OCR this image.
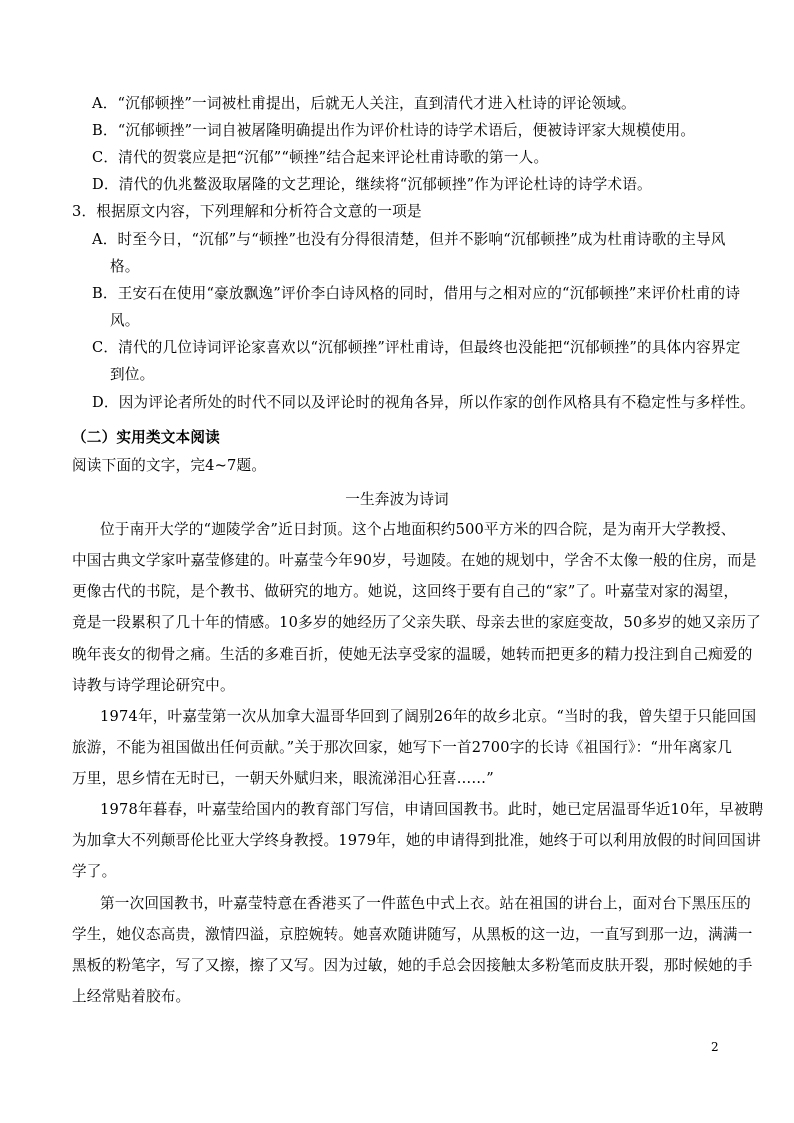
A．“沉郁顿挫”一词被杜甫提出，后就无人关注，直到清代才进入杜诗的评论领域。
B．“沉郁顿挫”一词自被屠隆明确提出作为评价杜诗的诗学术语后，便被诗评家大规模使用。
C．清代的贺裳应是把“沉郁”“顿挫”结合起来评论杜甫诗歌的第一人。
D．清代的仇兆鳌汲取屠隆的文艺理论，继续将“沉郁顿挫”作为评论杜诗的诗学术语。
3．根据原文内容，下列理解和分析符合文意的一项是
A．时至今日，“沉郁”与“顿挫”也没有分得很清楚，但并不影响“沉郁顿挫”成为杜甫诗歌的主导风
格。
B．王安石在使用“豪放飘逸”评价李白诗风格的同时，借用与之相对应的“沉郁顿挫”来评价杜甫的诗
风。
C．清代的几位诗词评论家喜欢以“沉郁顿挫”评杜甫诗，但最终也没能把“沉郁顿挫”的具体内容界定
到位。
D．因为评论者所处的时代不同以及评论时的视角各异，所以作家的创作风格具有不稳定性与多样性。
（二）实用类文本阅读
阅读下面的文字，完4~7题。
一生奔波为诗词
位于南开大学的“迦陵学舍”近日封顶。这个占地面积约500平方米的四合院，是为南开大学教授、
中国古典文学家叶嘉莹修建的。叶嘉莹今年90岁，号迦陵。在她的规划中，学舍不太像一般的住房，而是
更像古代的书院，是个教书、做研究的地方。她说，这回终于要有自己的“家”了。叶嘉莹对家的渴望，
竟是一段累积了几十年的情感。10多岁的她经历了父亲失联、母亲去世的家庭变故，50多岁的她又亲历了
晚年丧女的彻骨之痛。生活的多难百折，使她无法享受家的温暖，她转而把更多的精力投注到自己痴爱的
诗教与诗学理论研究中。
1974年，叶嘉莹第一次从加拿大温哥华回到了阔别26年的故乡北京。“当时的我，曾失望于只能回国
旅游，不能为祖国做出任何贡献。”关于那次回家，她写下一首2700字的长诗《祖国行》：“卅年离家几
万里，思乡情在无时已，一朝天外赋归来，眼流涕泪心狂喜……”
1978年暮春，叶嘉莹给国内的教育部门写信，申请回国教书。此时，她已定居温哥华近10年，早被聘
为加拿大不列颠哥伦比亚大学终身教授。1979年，她的申请得到批准，她终于可以利用放假的时间回国讲
学了。
第一次回国教书，叶嘉莹特意在香港买了一件蓝色中式上衣。站在祖国的讲台上，面对台下黑压压的
学生，她仪态高贵，激情四溢，京腔婉转。她喜欢随讲随写，从黑板的这一边，一直写到那一边，满满一
黑板的粉笔字，写了又擦，擦了又写。因为过敏，她的手总会因接触太多粉笔而皮肤开裂，那时候她的手
上经常贴着胶布。
2
